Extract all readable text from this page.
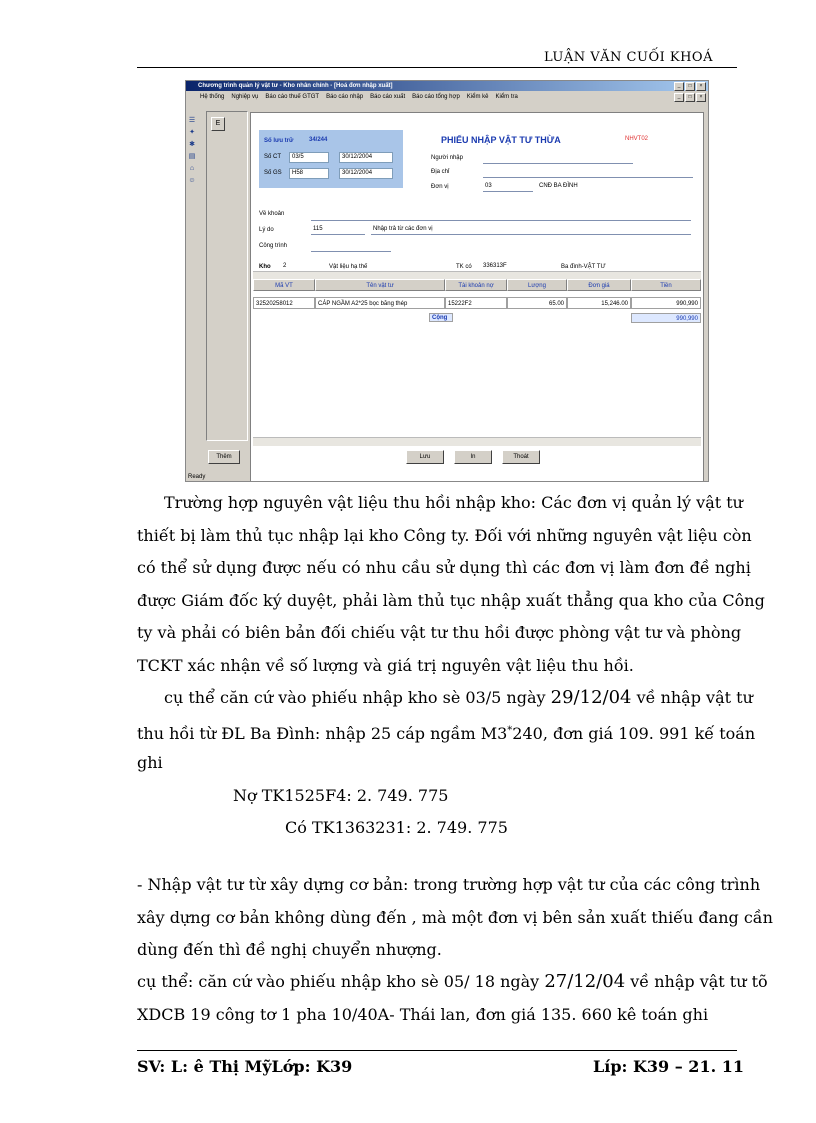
LUẬN VĂN CUỐI KHOÁ
Chương trình quản lý vật tư - Kho nhân chính - [Hoá đơn nhập xuất]	_	□	×
Hệ thống Nghiệp vụ Báo cáo thuế GTGT Báo cáo nhập Báo cáo xuất Báo cáo tổng hợp Kiểm kê Kiểm tra	_	□	×
☰
✦
✱
▤
⌂
☺
E
Số lưu trữ	34/244
Số CT	03/5	30/12/2004
Số GS	H58	30/12/2004
PHIẾU NHẬP VẬT TƯ THỪA	NHVT02
Người nhập
Địa chỉ
Đơn vị	03	CNĐ BA ĐÌNH
Về khoản
Lý do	115	Nhập trả từ các đơn vị
Công trình
Kho 2	Vật liệu hạ thế	TK có 336313F	Ba đình-VẬT TƯ
Mã VT	Tên vật tư	Tài khoản nợ	Lượng	Đơn giá	Tiền
32520258012	CÁP NGẦM A2*25 bọc băng thép	15222F2	65.00	15,246.00	990,990
Cộng	990,990
Thêm	Lưu	In	Thoát
Ready
Trường hợp nguyên vật liệu thu hồi nhập kho: Các đơn vị quản lý vật tư
thiết bị làm thủ tục nhập lại kho Công ty. Đối với những nguyên vật liệu còn
có thể sử dụng được nếu có nhu cầu sử dụng thì các đơn vị làm đơn đề nghị
được Giám đốc ký duyệt, phải làm thủ tục nhập xuất thẳng qua kho của Công
ty và phải có biên bản đối chiếu vật tư thu hồi được phòng vật tư và phòng
TCKT xác nhận về số lượng và giá trị nguyên vật liệu thu hồi.
cụ thể căn cứ vào phiếu nhập kho sè 03/5 ngày 29/12/04 về nhập vật tư
thu hồi từ ĐL Ba Đình: nhập 25 cáp ngầm M3*240, đơn giá 109. 991 kế toán
ghi
Nợ TK1525F4: 2. 749. 775
Có TK1363231: 2. 749. 775
- Nhập vật tư từ xây dựng cơ bản: trong trường hợp vật tư của các công trình
xây dựng cơ bản không dùng đến , mà một đơn vị bên sản xuất thiếu đang cần
dùng đến thì đề nghị chuyển nhượng.
cụ thể: căn cứ vào phiếu nhập kho sè 05/ 18 ngày 27/12/04 về nhập vật tư tõ
XDCB 19 công tơ 1 pha 10/40A- Thái lan, đơn giá 135. 660 kê toán ghi
SV: L: ê Thị MỹLớp: K39	Líp: K39 – 21. 11
